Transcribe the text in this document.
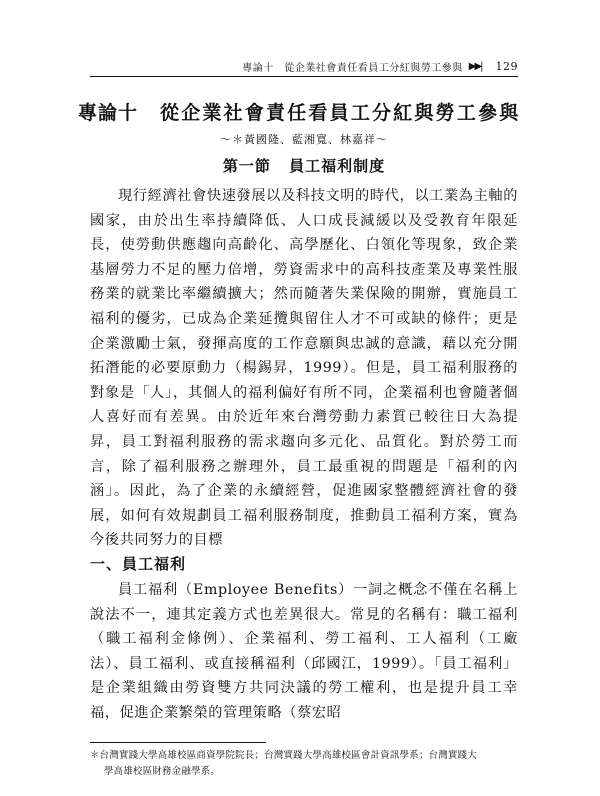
專論十　從企業社會責任看員工分紅與勞工參與 ▶▶| 129
專論十 從企業社會責任看員工分紅與勞工參與
～＊黃國隆、藍湘寬、林嘉祥～
第一節 員工福利制度
現行經濟社會快速發展以及科技文明的時代，以工業為主軸的國家，由於出生率持續降低、人口成長減緩以及受教育年限延長，使勞動供應趨向高齡化、高學歷化、白領化等現象，致企業基層勞力不足的壓力倍增，勞資需求中的高科技產業及專業性服務業的就業比率繼續擴大；然而隨著失業保險的開辦，實施員工福利的優劣，已成為企業延攬與留住人才不可或缺的條件；更是企業激勵士氣，發揮高度的工作意願與忠誠的意識，藉以充分開拓潛能的必要原動力（楊錫昇，1999）。但是，員工福利服務的對象是「人」，其個人的福利偏好有所不同，企業福利也會隨著個人喜好而有差異。由於近年來台灣勞動力素質已較往日大為提昇，員工對福利服務的需求趨向多元化、品質化。對於勞工而言，除了福利服務之辦理外，員工最重視的問題是「福利的內涵」。因此，為了企業的永續經營，促進國家整體經濟社會的發展，如何有效規劃員工福利服務制度，推動員工福利方案，實為今後共同努力的目標
一、員工福利
員工福利（Employee Benefits）一詞之概念不僅在名稱上說法不一，連其定義方式也差異很大。常見的名稱有：職工福利（職工福利金條例）、企業福利、勞工福利、工人福利（工廠法）、員工福利、或直接稱福利（邱國江，1999）。「員工福利」是企業組織由勞資雙方共同決議的勞工權利，也是提升員工幸福，促進企業繁榮的管理策略（蔡宏昭
＊台灣實踐大學高雄校區商資學院院長；台灣實踐大學高雄校區會計資訊學系；台灣實踐大
學高雄校區財務金融學系。
